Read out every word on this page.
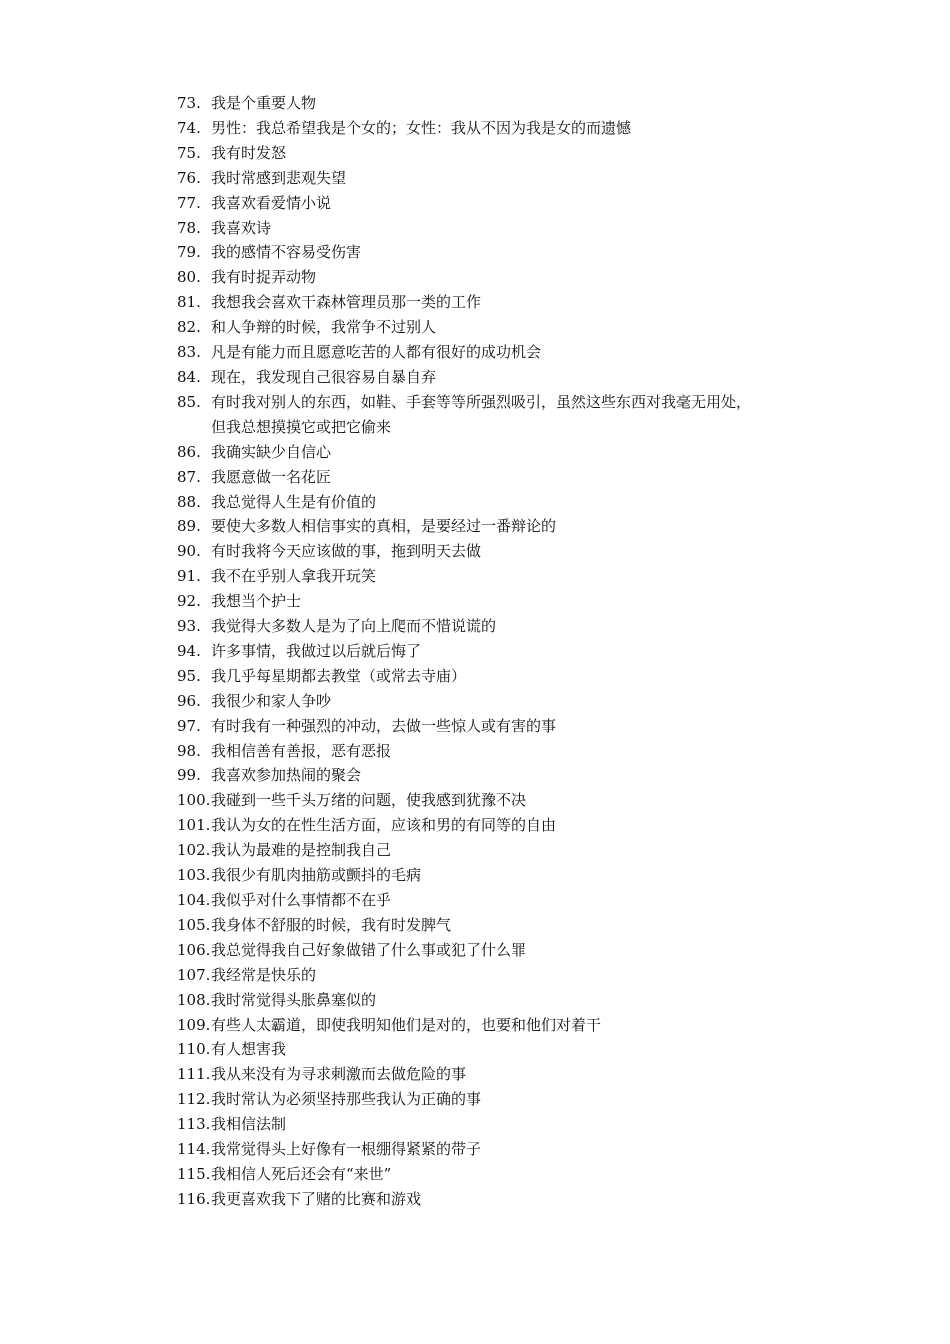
73. 我是个重要人物
74. 男性：我总希望我是个女的；女性：我从不因为我是女的而遗憾
75. 我有时发怒
76. 我时常感到悲观失望
77. 我喜欢看爱情小说
78. 我喜欢诗
79. 我的感情不容易受伤害
80. 我有时捉弄动物
81. 我想我会喜欢干森林管理员那一类的工作
82. 和人争辩的时候，我常争不过别人
83. 凡是有能力而且愿意吃苦的人都有很好的成功机会
84. 现在，我发现自己很容易自暴自弃
85. 有时我对别人的东西，如鞋、手套等等所强烈吸引，虽然这些东西对我毫无用处，
但我总想摸摸它或把它偷来
86. 我确实缺少自信心
87. 我愿意做一名花匠
88. 我总觉得人生是有价值的
89. 要使大多数人相信事实的真相，是要经过一番辩论的
90. 有时我将今天应该做的事，拖到明天去做
91. 我不在乎别人拿我开玩笑
92. 我想当个护士
93. 我觉得大多数人是为了向上爬而不惜说谎的
94. 许多事情，我做过以后就后悔了
95. 我几乎每星期都去教堂（或常去寺庙）
96. 我很少和家人争吵
97. 有时我有一种强烈的冲动，去做一些惊人或有害的事
98. 我相信善有善报，恶有恶报
99. 我喜欢参加热闹的聚会
100. 我碰到一些千头万绪的问题，使我感到犹豫不决
101. 我认为女的在性生活方面，应该和男的有同等的自由
102. 我认为最难的是控制我自己
103. 我很少有肌肉抽筋或颤抖的毛病
104. 我似乎对什么事情都不在乎
105. 我身体不舒服的时候，我有时发脾气
106. 我总觉得我自己好象做错了什么事或犯了什么罪
107. 我经常是快乐的
108. 我时常觉得头胀鼻塞似的
109. 有些人太霸道，即使我明知他们是对的，也要和他们对着干
110. 有人想害我
111. 我从来没有为寻求刺激而去做危险的事
112. 我时常认为必须坚持那些我认为正确的事
113. 我相信法制
114. 我常觉得头上好像有一根绷得紧紧的带子
115. 我相信人死后还会有“来世”
116. 我更喜欢我下了赌的比赛和游戏
